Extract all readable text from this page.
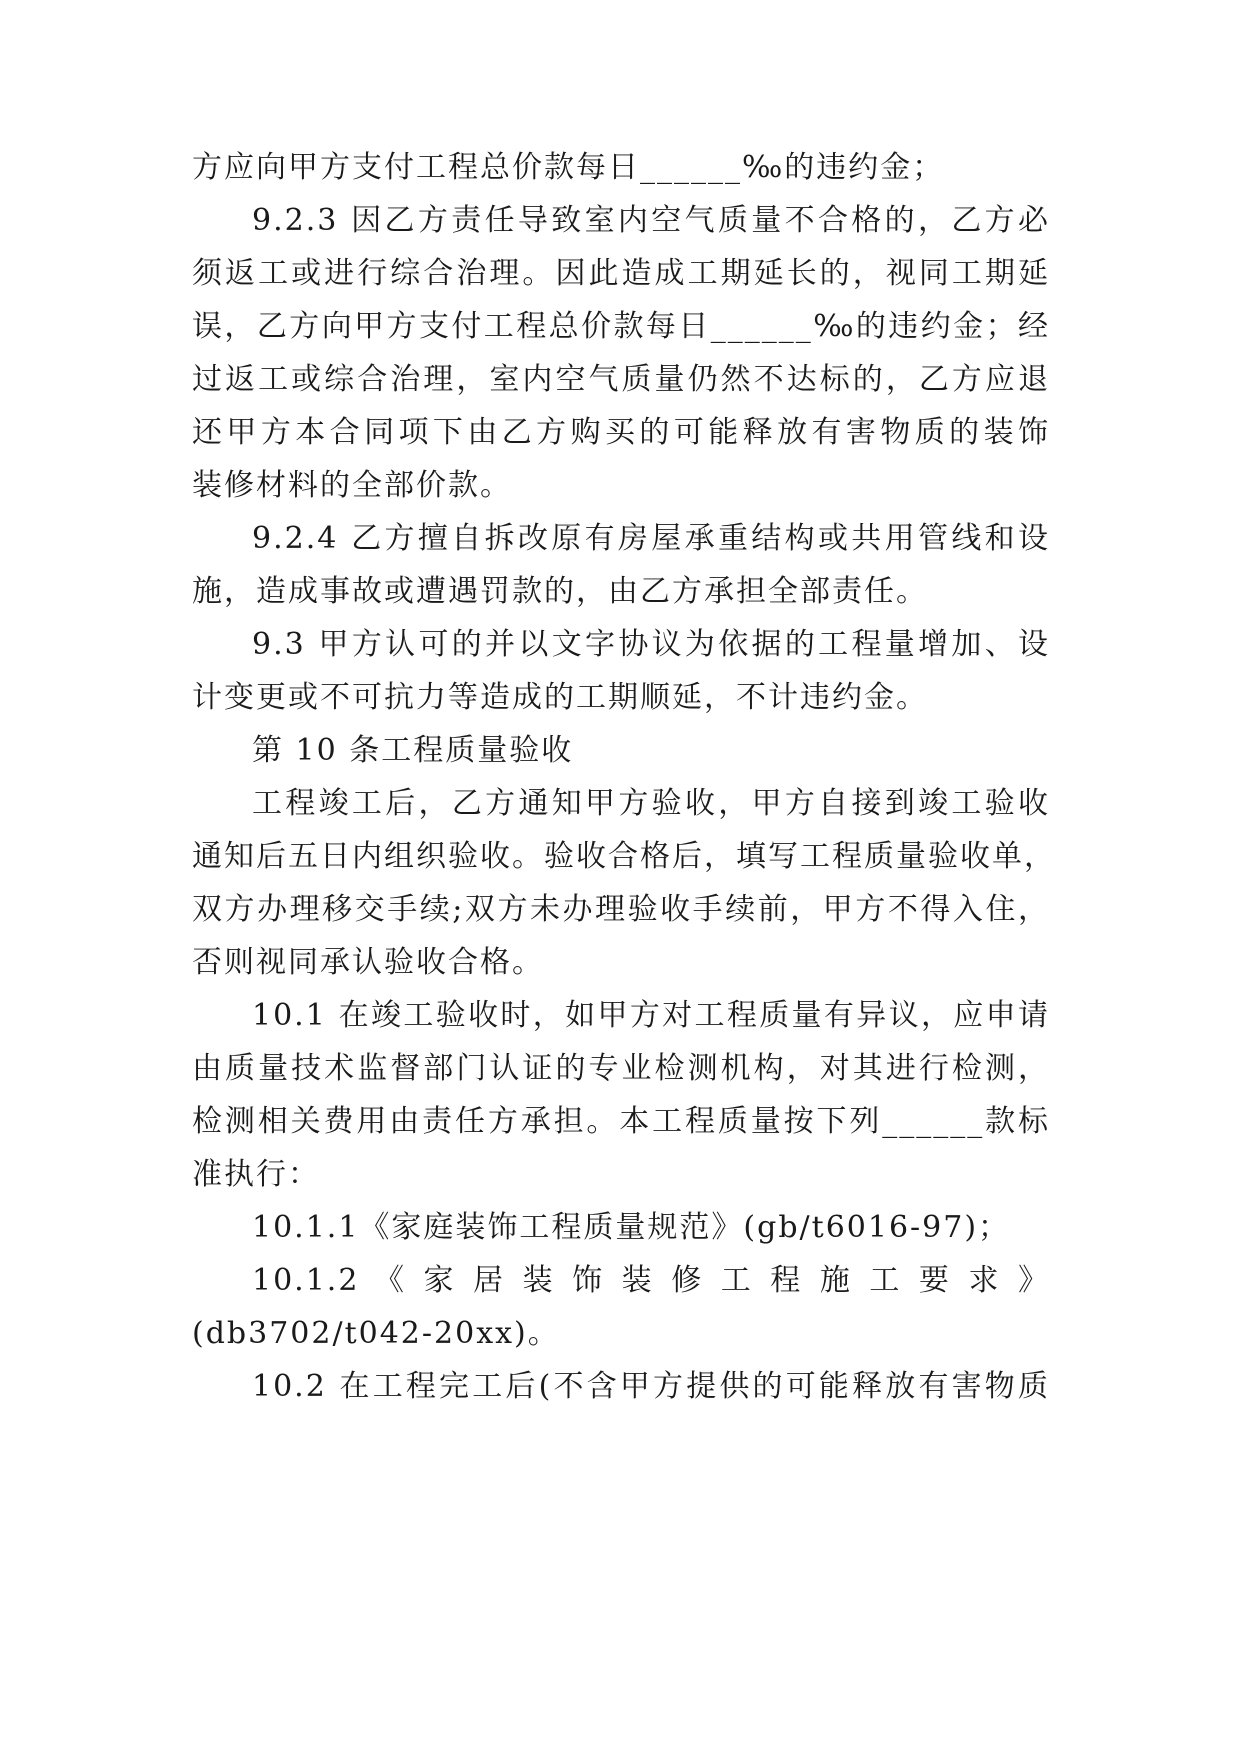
方应向甲方支付工程总价款每日______‰的违约金；
9.2.3 因乙方责任导致室内空气质量不合格的，乙方必
须返工或进行综合治理。因此造成工期延长的，视同工期延
误，乙方向甲方支付工程总价款每日______‰的违约金；经
过返工或综合治理，室内空气质量仍然不达标的，乙方应退
还甲方本合同项下由乙方购买的可能释放有害物质的装饰
装修材料的全部价款。
9.2.4 乙方擅自拆改原有房屋承重结构或共用管线和设
施，造成事故或遭遇罚款的，由乙方承担全部责任。
9.3 甲方认可的并以文字协议为依据的工程量增加、设
计变更或不可抗力等造成的工期顺延，不计违约金。
第 10 条工程质量验收
工程竣工后，乙方通知甲方验收，甲方自接到竣工验收
通知后五日内组织验收。验收合格后，填写工程质量验收单，
双方办理移交手续;双方未办理验收手续前，甲方不得入住，
否则视同承认验收合格。
10.1 在竣工验收时，如甲方对工程质量有异议，应申请
由质量技术监督部门认证的专业检测机构，对其进行检测，
检测相关费用由责任方承担。本工程质量按下列______款标
准执行：
10.1.1《家庭装饰工程质量规范》(gb/t6016-97)；
10.1.2 《 家 居 装 饰 装 修 工 程 施 工 要 求 》
(db3702/t042-20xx)。
10.2 在工程完工后(不含甲方提供的可能释放有害物质
